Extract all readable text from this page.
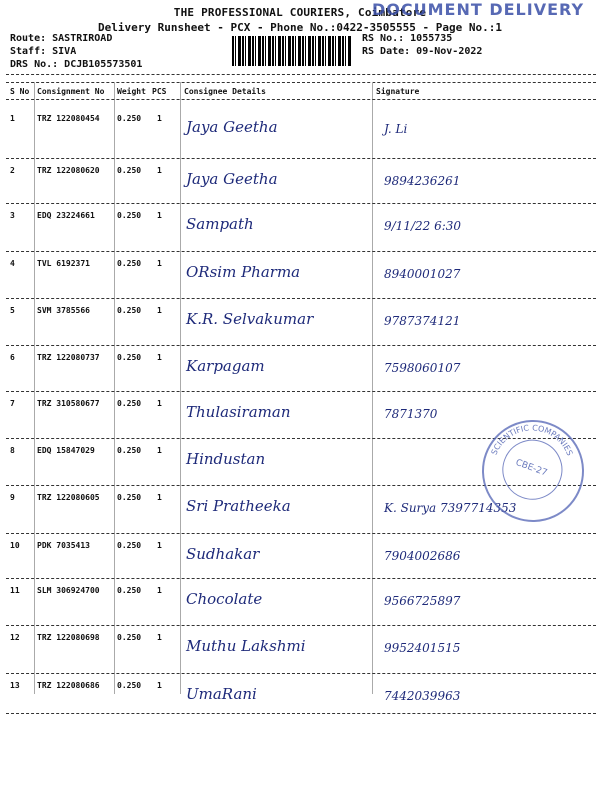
THE PROFESSIONAL COURIERS, Coimbatore
DOCUMENT DELIVERY
Delivery Runsheet - PCX - Phone No.:0422-3505555 - Page No.:1
Route: SASTRIROAD
Staff: SIVA
DRS No.: DCJB105573501
RS No.: 1055735
RS Date: 09-Nov-2022
S No Consignment No Weight PCS Consignee Details	Signature
1	TRZ 122080454 0.250 1 Jaya Geetha	J. Li
2	TRZ 122080620 0.250 1 Jaya Geetha	9894236261
3	EDQ 23224661	0.250 1 Sampath	9/11/22 6:30
4	TVL 6192371	0.250 1 ORsim Pharma	8940001027
5	SVM 3785566	0.250 1 K.R. Selvakumar	9787374121
6	TRZ 122080737 0.250 1 Karpagam	7598060107
7	TRZ 310580677 0.250 1 Thulasiraman	7871370
8	EDQ 15847029	0.250 1 Hindustan
9	TRZ 122080605 0.250 1 Sri Pratheeka	K. Surya 7397714353
10 PDK 7035413	0.250 1 Sudhakar	7904002686
11 SLM 306924700 0.250 1 Chocolate	9566725897
12 TRZ 122080698 0.250 1 Muthu Lakshmi	9952401515
13 TRZ 122080686 0.250 1 UmaRani	7442039963
CBE-27
SCIENTIFIC COMPANIES
